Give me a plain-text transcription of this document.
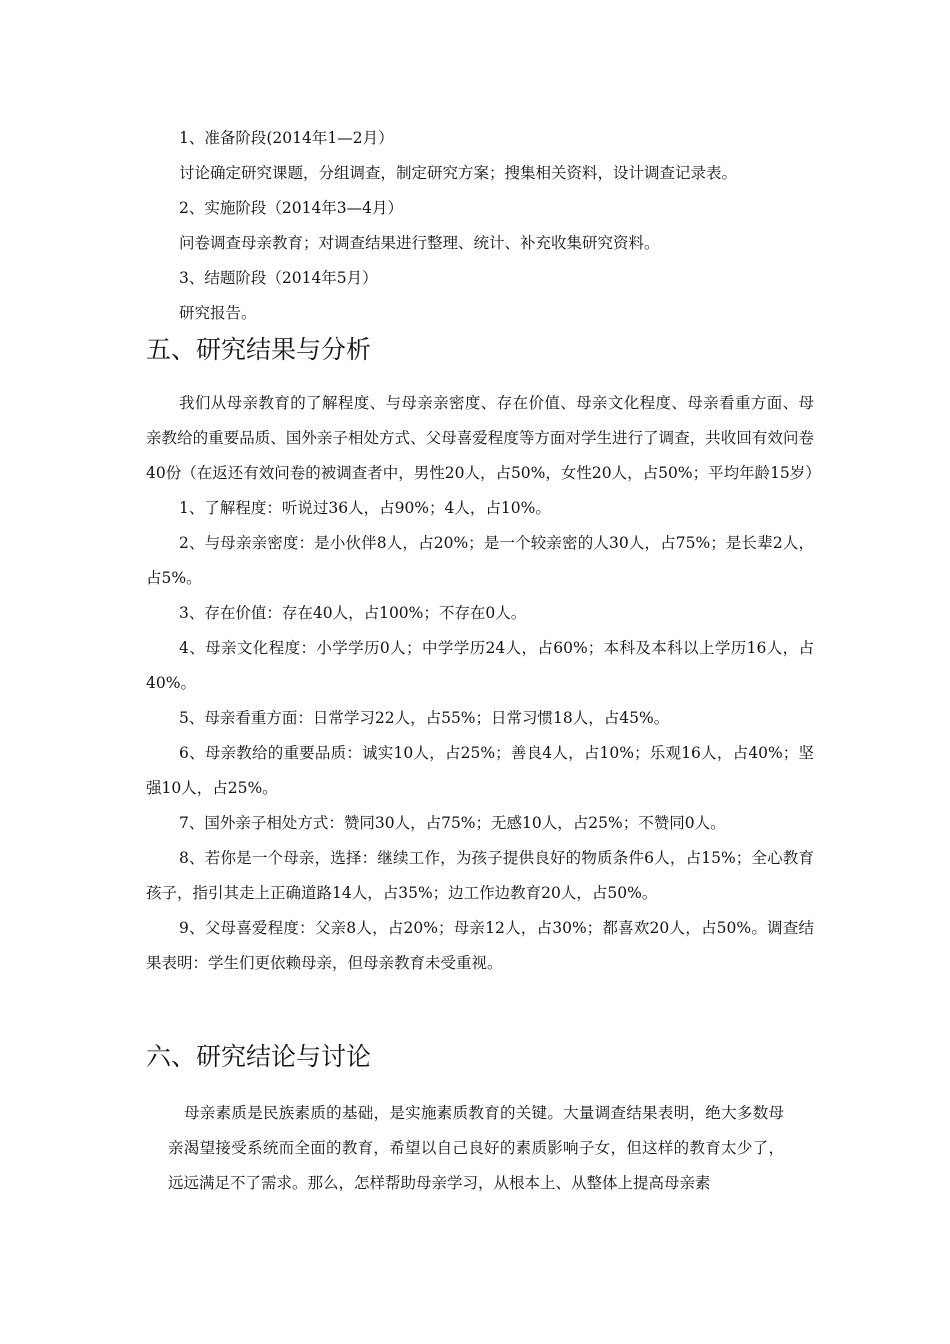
1、准备阶段(2014年1—2月）

讨论确定研究课题，分组调查，制定研究方案；搜集相关资料，设计调查记录表。

2、实施阶段（2014年3—4月）

问卷调查母亲教育；对调查结果进行整理、统计、补充收集研究资料。

3、结题阶段（2014年5月）

研究报告。

五、研究结果与分析

我们从母亲教育的了解程度、与母亲亲密度、存在价值、母亲文化程度、母亲看重方面、母亲教给的重要品质、国外亲子相处方式、父母喜爱程度等方面对学生进行了调查，共收回有效问卷40份（在返还有效问卷的被调查者中，男性20人，占50%，女性20人，占50%；平均年龄15岁）

1、了解程度：听说过36人，占90%；4人，占10%。

2、与母亲亲密度：是小伙伴8人，占20%；是一个较亲密的人30人，占75%；是长辈2人，占5%。

3、存在价值：存在40人，占100%；不存在0人。

4、母亲文化程度：小学学历0人；中学学历24人，占60%；本科及本科以上学历16人，占40%。

5、母亲看重方面：日常学习22人，占55%；日常习惯18人，占45%。

6、母亲教给的重要品质：诚实10人，占25%；善良4人，占10%；乐观16人，占40%；坚强10人，占25%。

7、国外亲子相处方式：赞同30人，占75%；无感10人，占25%；不赞同0人。

8、若你是一个母亲，选择：继续工作，为孩子提供良好的物质条件6人，占15%；全心教育孩子，指引其走上正确道路14人，占35%；边工作边教育20人，占50%。

9、父母喜爱程度：父亲8人，占20%；母亲12人，占30%；都喜欢20人，占50%。调查结果表明：学生们更依赖母亲，但母亲教育未受重视。

六、研究结论与讨论

母亲素质是民族素质的基础，是实施素质教育的关键。大量调查结果表明，绝大多数母亲渴望接受系统而全面的教育，希望以自己良好的素质影响子女，但这样的教育太少了，远远满足不了需求。那么，怎样帮助母亲学习，从根本上、从整体上提高母亲素
